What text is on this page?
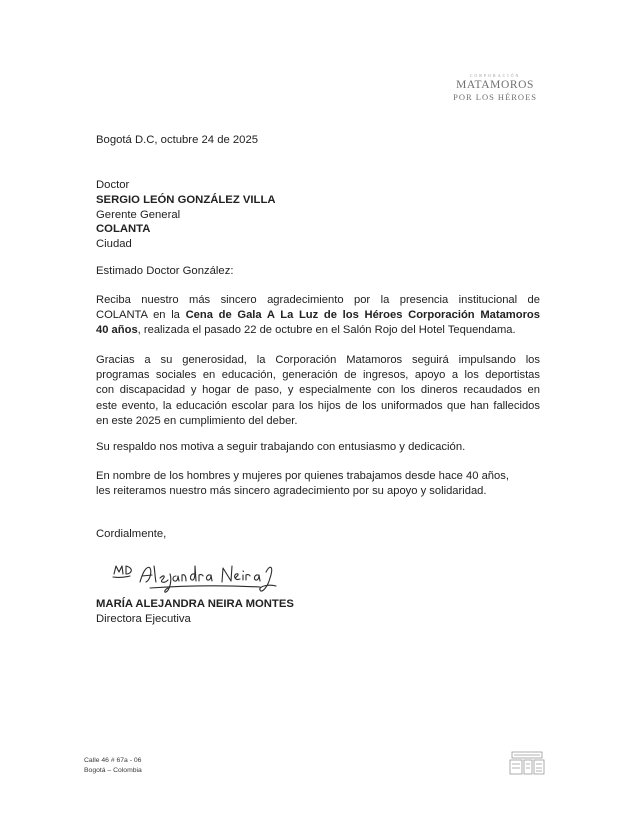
CORPORACIÓN
MATAMOROS
POR LOS HÉROES
Bogotá D.C, octubre 24 de 2025
Doctor
SERGIO LEÓN GONZÁLEZ VILLA
Gerente General
COLANTA
Ciudad
Estimado Doctor González:
Reciba nuestro más sincero agradecimiento por la presencia institucional de
COLANTA en la Cena de Gala A La Luz de los Héroes Corporación Matamoros
40 años, realizada el pasado 22 de octubre en el Salón Rojo del Hotel Tequendama.
Gracias a su generosidad, la Corporación Matamoros seguirá impulsando los
programas sociales en educación, generación de ingresos, apoyo a los deportistas
con discapacidad y hogar de paso, y especialmente con los dineros recaudados en
este evento, la educación escolar para los hijos de los uniformados que han fallecidos
en este 2025 en cumplimiento del deber.
Su respaldo nos motiva a seguir trabajando con entusiasmo y dedicación.
En nombre de los hombres y mujeres por quienes trabajamos desde hace 40 años,
les reiteramos nuestro más sincero agradecimiento por su apoyo y solidaridad.
Cordialmente,
MARÍA ALEJANDRA NEIRA MONTES
Directora Ejecutiva
Calle 46 # 67a - 06
Bogotá – Colombia
